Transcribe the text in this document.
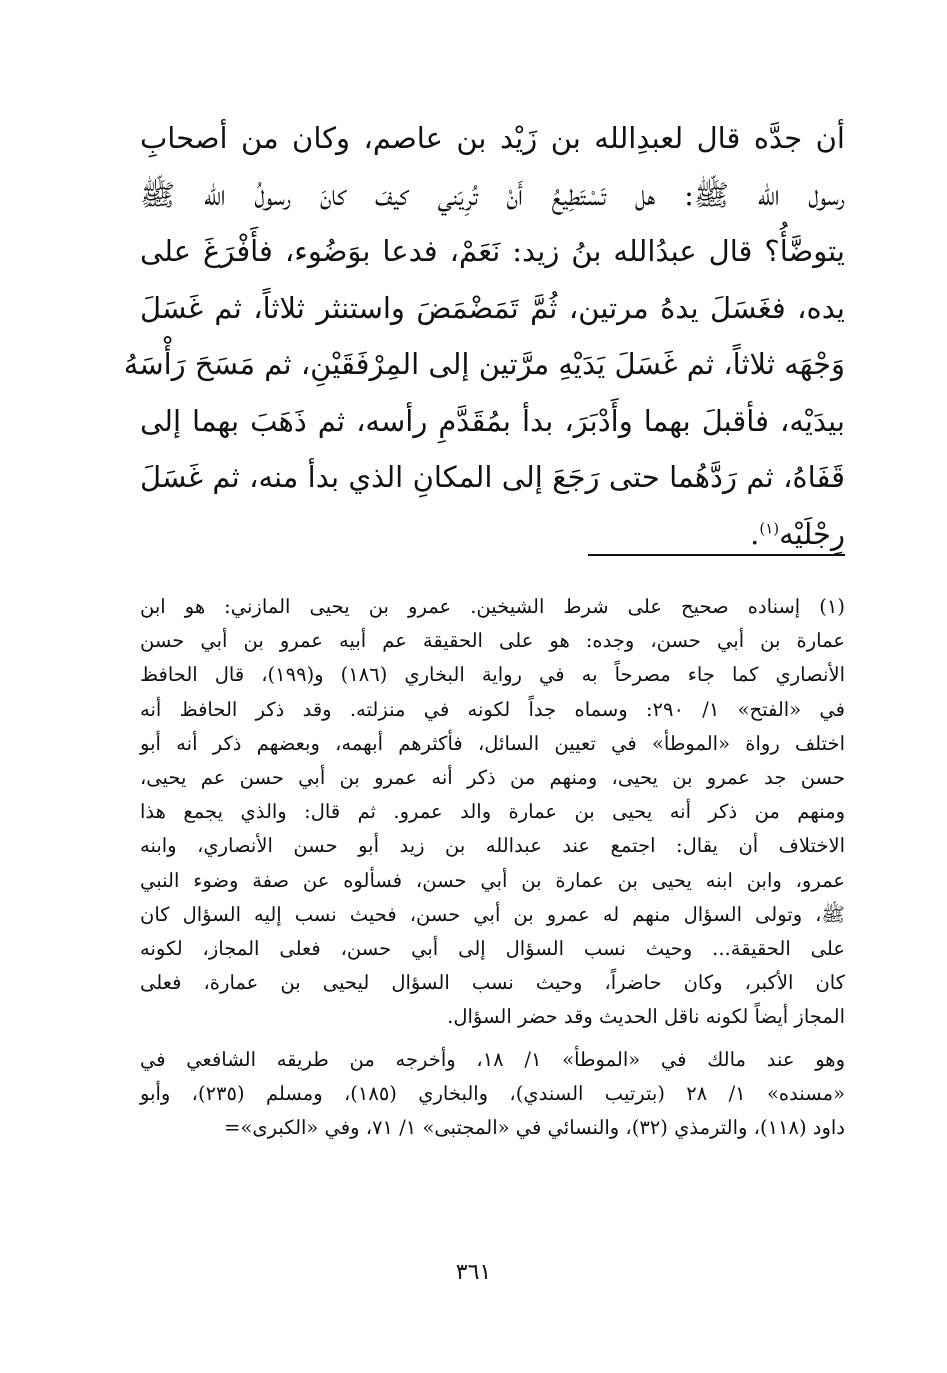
أن جدَّه قال لعبدِالله بن زَيْد بن عاصم، وكان من أصحابِ
رسول الله ﷺ: هل تَسْتَطِيعُ أَنْ تُرِيَني كيفَ كانَ رسولُ الله ﷺ
يتوضَّأُ؟ قال عبدُالله بنُ زيد: نَعَمْ، فدعا بوَضُوء، فأَفْرَغَ على
يده، فغَسَلَ يدهُ مرتين، ثُمَّ تَمَضْمَضَ واستنثر ثلاثاً، ثم غَسَلَ
وَجْهَه ثلاثاً، ثم غَسَلَ يَدَيْهِ مرَّتين إلى المِرْفَقَيْنِ، ثم مَسَحَ رَأْسَهُ
بيدَيْه، فأقبلَ بهما وأَدْبَرَ، بدأ بمُقَدَّمِ رأسه، ثم ذَهَبَ بهما إلى
قَفَاهُ، ثم رَدَّهُما حتى رَجَعَ إلى المكانِ الذي بدأ منه، ثم غَسَلَ
رِجْلَيْه$^{(١)}$.

(١) إسناده صحيح على شرط الشيخين. عمرو بن يحيى المازني: هو ابن
عمارة بن أبي حسن، وجده: هو على الحقيقة عم أبيه عمرو بن أبي حسن
الأنصاري كما جاء مصرحاً به في رواية البخاري (١٨٦) و(١٩٩)، قال الحافظ
في «الفتح» ١/ ٢٩٠: وسماه جداً لكونه في منزلته. وقد ذكر الحافظ أنه
اختلف رواة «الموطأ» في تعيين السائل، فأكثرهم أبهمه، وبعضهم ذكر أنه أبو
حسن جد عمرو بن يحيى، ومنهم من ذكر أنه عمرو بن أبي حسن عم يحيى،
ومنهم من ذكر أنه يحيى بن عمارة والد عمرو. ثم قال: والذي يجمع هذا
الاختلاف أن يقال: اجتمع عند عبدالله بن زيد أبو حسن الأنصاري، وابنه
عمرو، وابن ابنه يحيى بن عمارة بن أبي حسن، فسألوه عن صفة وضوء النبي
ﷺ، وتولى السؤال منهم له عمرو بن أبي حسن، فحيث نسب إليه السؤال كان
على الحقيقة... وحيث نسب السؤال إلى أبي حسن، فعلى المجاز، لكونه
كان الأكبر، وكان حاضراً، وحيث نسب السؤال ليحيى بن عمارة، فعلى
المجاز أيضاً لكونه ناقل الحديث وقد حضر السؤال.
وهو عند مالك في «الموطأ» ١/ ١٨، وأخرجه من طريقه الشافعي في
«مسنده» ١/ ٢٨ (بترتيب السندي)، والبخاري (١٨٥)، ومسلم (٢٣٥)، وأبو
داود (١١٨)، والترمذي (٣٢)، والنسائي في «المجتبى» ١/ ٧١، وفي «الكبرى»=
٣٦١
